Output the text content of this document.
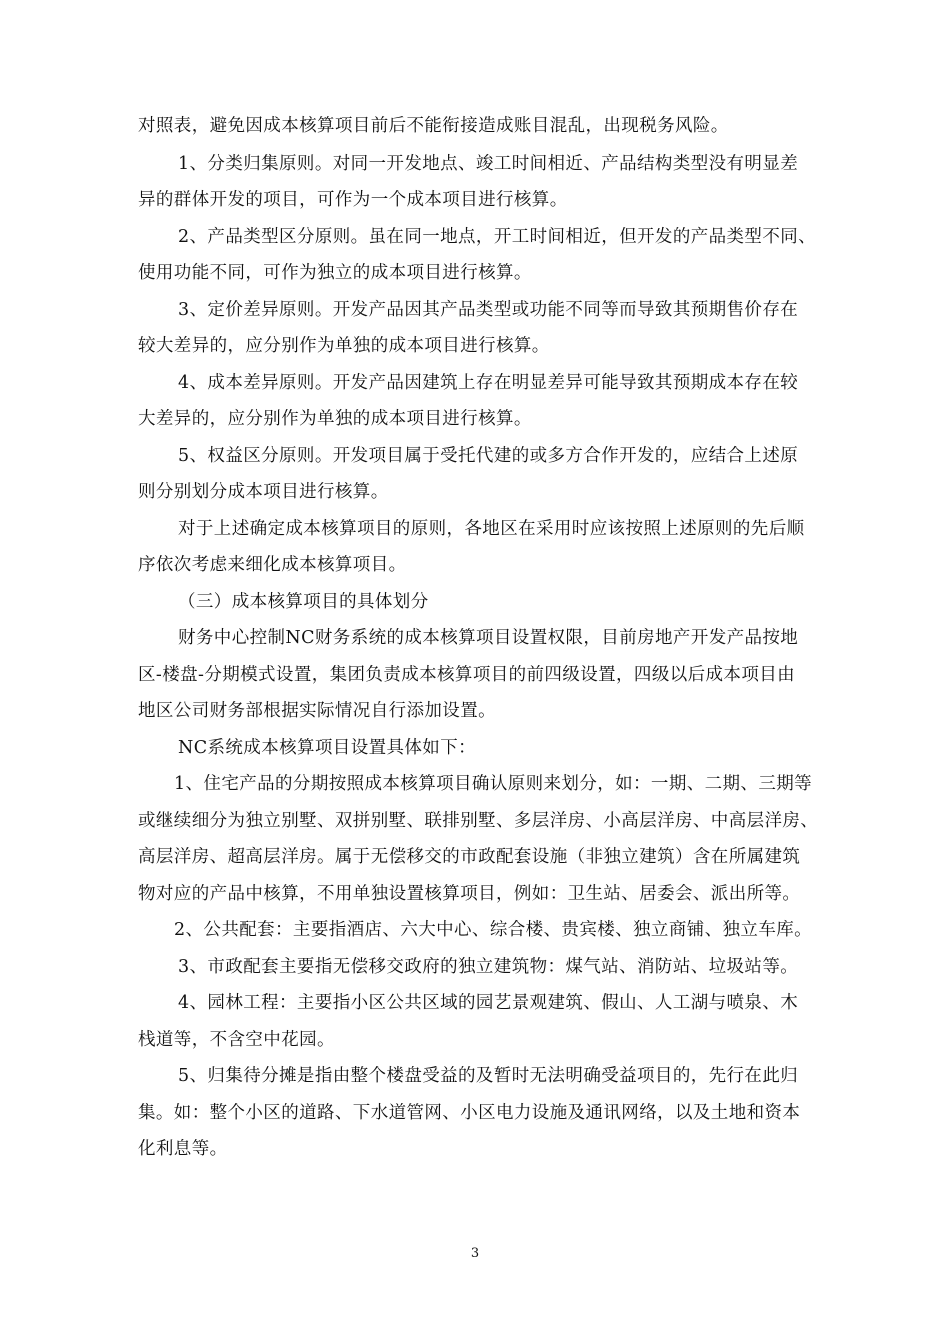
对照表，避免因成本核算项目前后不能衔接造成账目混乱，出现税务风险。
1、分类归集原则。对同一开发地点、竣工时间相近、产品结构类型没有明显差
异的群体开发的项目，可作为一个成本项目进行核算。
2、产品类型区分原则。虽在同一地点，开工时间相近，但开发的产品类型不同、
使用功能不同，可作为独立的成本项目进行核算。
3、定价差异原则。开发产品因其产品类型或功能不同等而导致其预期售价存在
较大差异的，应分别作为单独的成本项目进行核算。
4、成本差异原则。开发产品因建筑上存在明显差异可能导致其预期成本存在较
大差异的，应分别作为单独的成本项目进行核算。
5、权益区分原则。开发项目属于受托代建的或多方合作开发的，应结合上述原
则分别划分成本项目进行核算。
对于上述确定成本核算项目的原则，各地区在采用时应该按照上述原则的先后顺
序依次考虑来细化成本核算项目。
（三）成本核算项目的具体划分
财务中心控制NC财务系统的成本核算项目设置权限，目前房地产开发产品按地
区-楼盘-分期模式设置，集团负责成本核算项目的前四级设置，四级以后成本项目由
地区公司财务部根据实际情况自行添加设置。
NC系统成本核算项目设置具体如下：
1、住宅产品的分期按照成本核算项目确认原则来划分，如：一期、二期、三期等
或继续细分为独立别墅、双拼别墅、联排别墅、多层洋房、小高层洋房、中高层洋房、
高层洋房、超高层洋房。属于无偿移交的市政配套设施（非独立建筑）含在所属建筑
物对应的产品中核算，不用单独设置核算项目，例如：卫生站、居委会、派出所等。
2、公共配套：主要指酒店、六大中心、综合楼、贵宾楼、独立商铺、独立车库。
3、市政配套主要指无偿移交政府的独立建筑物：煤气站、消防站、垃圾站等。
4、园林工程：主要指小区公共区域的园艺景观建筑、假山、人工湖与喷泉、木
栈道等，不含空中花园。
5、归集待分摊是指由整个楼盘受益的及暂时无法明确受益项目的，先行在此归
集。如：整个小区的道路、下水道管网、小区电力设施及通讯网络，以及土地和资本
化利息等。
3
